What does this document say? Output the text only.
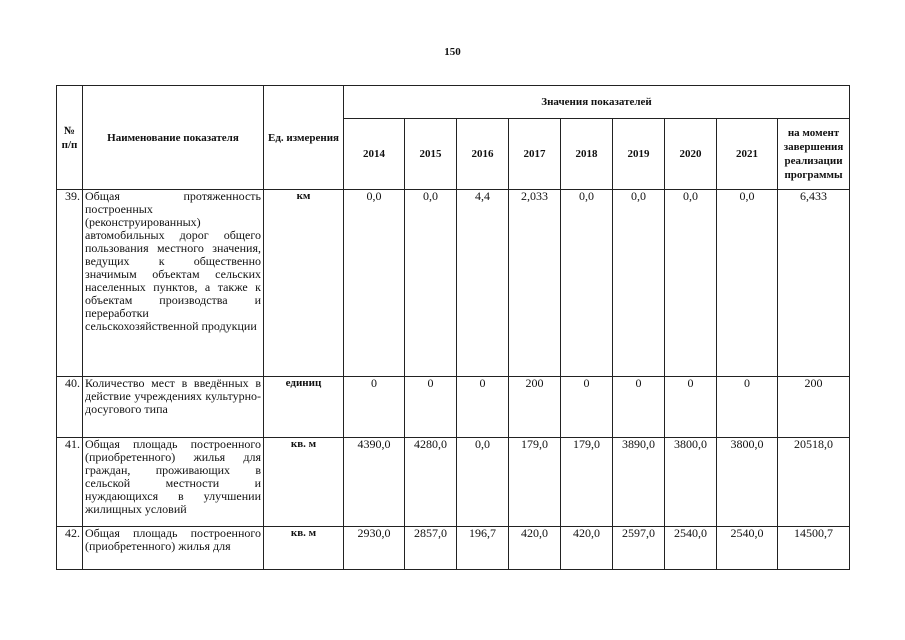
150
№ п/п	Наименование показателя	Ед. измерения	Значения показателей								
			2014	2015	2016	2017	2018	2019	2020	2021	на момент завершения реализации программы
39.	Общая протяженность построенных (реконструированных) автомобильных дорог общего пользования местного значения, ведущих к общественно значимым объектам сельских населенных пунктов, а также к объектам производства и переработки сельскохозяйственной продукции	км	0,0	0,0	4,4	2,033	0,0	0,0	0,0	0,0	6,433
40.	Количество мест в введённых в действие учреждениях культурно-досугового типа	единиц	0	0	0	200	0	0	0	0	200
41.	Общая площадь построенного (приобретенного) жилья для граждан, проживающих в сельской местности и нуждающихся в улучшении жилищных условий	кв. м	4390,0	4280,0	0,0	179,0	179,0	3890,0	3800,0	3800,0	20518,0
42.	Общая площадь построенного (приобретенного) жилья для	кв. м	2930,0	2857,0	196,7	420,0	420,0	2597,0	2540,0	2540,0	14500,7
